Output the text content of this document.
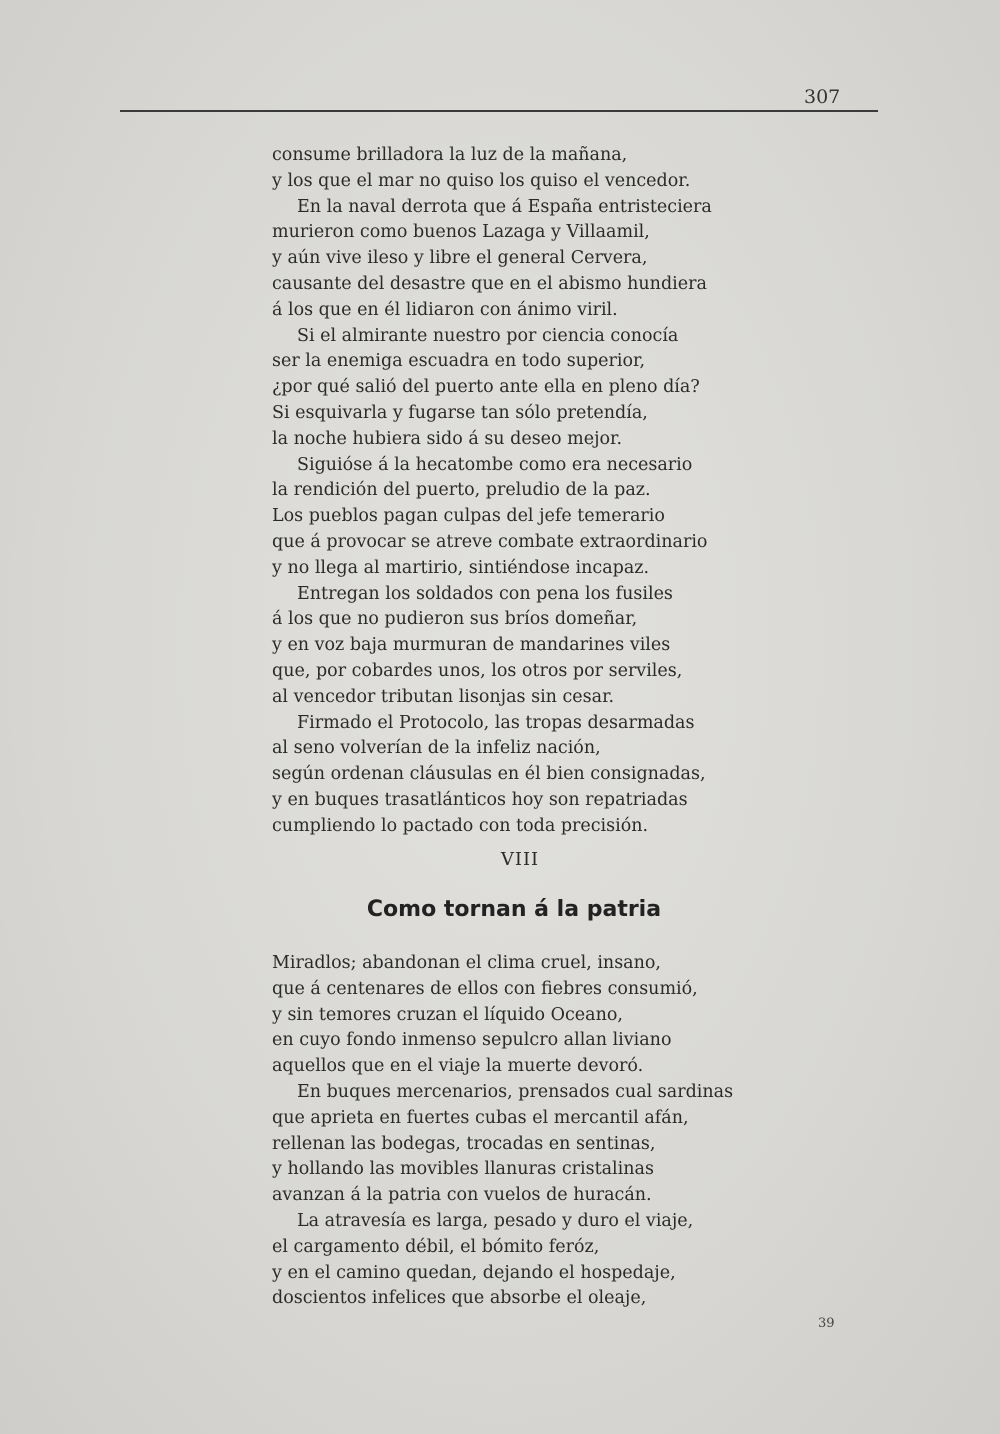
307
consume brilladora la luz de la mañana,
y los que el mar no quiso los quiso el vencedor.
En la naval derrota que á España entristeciera
murieron como buenos Lazaga y Villaamil,
y aún vive ileso y libre el general Cervera,
causante del desastre que en el abismo hundiera
á los que en él lidiaron con ánimo viril.
Si el almirante nuestro por ciencia conocía
ser la enemiga escuadra en todo superior,
¿por qué salió del puerto ante ella en pleno día?
Si esquivarla y fugarse tan sólo pretendía,
la noche hubiera sido á su deseo mejor.
Siguióse á la hecatombe como era necesario
la rendición del puerto, preludio de la paz.
Los pueblos pagan culpas del jefe temerario
que á provocar se atreve combate extraordinario
y no llega al martirio, sintiéndose incapaz.
Entregan los soldados con pena los fusiles
á los que no pudieron sus bríos domeñar,
y en voz baja murmuran de mandarines viles
que, por cobardes unos, los otros por serviles,
al vencedor tributan lisonjas sin cesar.
Firmado el Protocolo, las tropas desarmadas
al seno volverían de la infeliz nación,
según ordenan cláusulas en él bien consignadas,
y en buques trasatlánticos hoy son repatriadas
cumpliendo lo pactado con toda precisión.
VIII
Como tornan á la patria
Miradlos; abandonan el clima cruel, insano,
que á centenares de ellos con fiebres consumió,
y sin temores cruzan el líquido Oceano,
en cuyo fondo inmenso sepulcro allan liviano
aquellos que en el viaje la muerte devoró.
En buques mercenarios, prensados cual sardinas
que aprieta en fuertes cubas el mercantil afán,
rellenan las bodegas, trocadas en sentinas,
y hollando las movibles llanuras cristalinas
avanzan á la patria con vuelos de huracán.
La atravesía es larga, pesado y duro el viaje,
el cargamento débil, el bómito feróz,
y en el camino quedan, dejando el hospedaje,
doscientos infelices que absorbe el oleaje,
39
